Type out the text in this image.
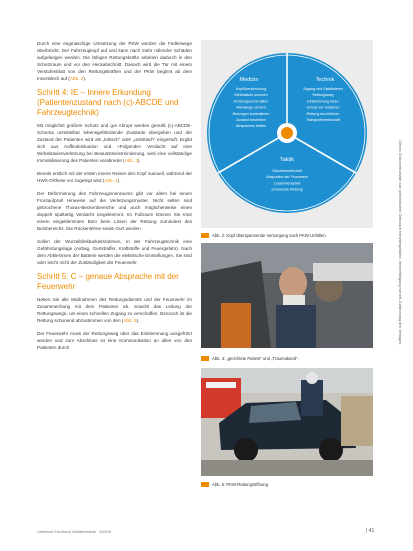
Durch eine engmaschige Umsetzung der PKW werden die Fedlerwege überbrückt. Der Fahrzeugkopf auf und kann nach mehr rollender Schäden aufgefangen werden. Die fähigen Rettungskräfte arbeiten dadurch in den Schutzraum und vor den Heckabschnitt. Danach wird die Tür mit einem Verstufenblatt von den Rettungskräften und der PKW beginnt ab dem Innenblech auf (Abb. 2).

Schritt 4: IE – Innere Erkundung (Patientenzustand nach (c)-ABCDE und Fahrzeugtechnik)

Mit möglichst großem Schutz und gut Abrupt werden gemäß (c)-ABCDE-Schema unmittelbar lebensgefährdende Zustände übergeben und der Zustand der Patienten wird als „kritisch“ oder „unkritisch“ eingestuft. Ergibt sich aus Auffindesituation und »Folgende« Verdacht auf eine Wirbelsäulenverletzung bei Bewusstseinsminderung, wird eine vollständige Immobilisierung des Patienten verabredet (Abb. 3).

Bereits erstlich mit der ersten innere Reisen den Kopf manuell, während der HWS-Orthese vor zugelegt wird (Abb. 4).

Der Deformierung des Fahrzeuginnenraums gibt vor allem bei einem Frontaufprall Hinweise auf die Verletzungsmuster. Nicht selten sind gebrochene Thorax-Beckenbereiche und auch möglicherweise einen doppelt spaltartig Verdacht eingeklemmt. Im Fußraum können Sie trotz einem eingeklemmten Bein beim Lösen der Rettung zumindest des Beinbereichs. Die Rückenlehne sowie Gurt werden

Sollen der Wurzelblinkbarkeitsrahmen, in der Fahrzeugtechnik eine Gefährdungslage (Airbag, Gurtstraffer, Kraftstoffe und Feuergefahr). Nach dem Abklemmen der Batterie werden die elektrische Einstellungen. Sie sind oder leicht nicht der Zuständigkeit der Feuerwehr.

Schritt 5: C – genaue Absprache mit der Feuerwehr

Neben Sie alle Maßnahmen des Rettungsdiensts und der Feuerwehr im Zusammenhang mit dem Patienten ab. Sowohl das Leitung der Rettungswege, um einen schnellen Zugang zu verschaffen. Dennoch ist die Rettung schonend abzustimmen von den (Abb. 5).

Der Feuerwehr muss der Rettungsweg über das Einklemmung ausgeführt werden und zum Abschluss ist eine Kommunikation an allen von den Patienten durch

Medizin	Technik
Taktik
Kopfüberstreckung
Wirbelsäule schonen
Achsengerecht halten
Atemwege sichern
Blutungen kontrollieren
Zustand beurteilen
Absprachen treffen
Zugang und Stabilisieren
Rettungsweg
Einklemmung lösen
Schutz vor Gefahren
Rettung durchführen
Transportbereitschaft
Schutzbereitschaft
Absprache der Feuerwehr
Zusammenarbeit
schonende Rettung
Abb. 2: Kopf überspannende Versorgung nach PKW-Unfällen.
Abb. 3: „gerichtete Patient“ und „Traumaband“.
Abb. 5: PKW-Rettungsöffnung
Dieses Dokument wurde zum persönlichen Gebrauch heruntergeladen. Vervielfältigung nur mit Zustimmung des Verlages.
Unterricht Fachbuch Notfallmedizin · 6/2018	| 41
